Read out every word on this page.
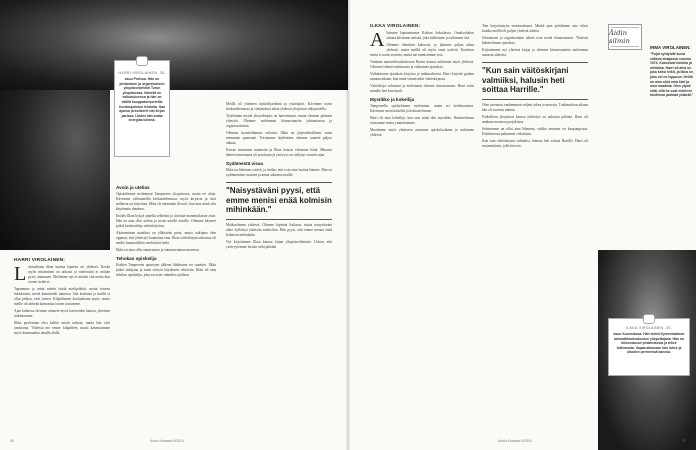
HARRI VIROLAINEN, 35,
asuu Porissa. Hän on johtamisen ja organisoinnin yliopistonlehtori Turun yliopistossa. Nimellä on vaikutuksensa ja hän on välillä kouppatorisorteilla Kontuspuiston lehdolta. Saa ajansa ja kotikerti niin kirjan parissa. Liiaksi hän antaa energiaa kotona.
HARRI VIROLAINEN:

Lukioaikana ilkan kanssa lapsena asi yhdessä. Koska mylis nistäminen on tarkasti ja mielestäni ei mitään pysty antamaan. Mielimine nyt ei mitään sitä mutta kun toinen tietää ei.

Tapaamme ja minä mietin tietää mielipidettä, mutta toiseen lukiolaisiin, meitä kummitteli tunnissa. Jäin koulusta ja meillä ei ollut pelkoa, ettei toinen. Kilpailimme kouluaikana myös, mutta meille oli tärkeää kannustaa toinen toisiamme.

Ajan kuluessa olemme ottaneet myös kavereiden kanssa, yhteinen tutkintomme.

Ilkka puolestaan olisi kalliin mietti tarkoin, mutta hän olisi unohtanut. Yhdessä me emme kilpailleet, mutta kannustimme myös kummankin omalla alalla.

Avoin ja utelias

Opiskelimme molemmat Tampereen yliopistossa, mutta eri aloja. Kävimme välitunneilla keskustelemassa, myös kirjoista ja siitä millaista on kirjoittaa. Ilkka oli enemmän filosofi, kun taas minä olin käytännön ihminen.

Ihailen Ilkan kykyä ajatella selkeästi ja tiivistää monimutkaiset asiat. Hän on aina ollut utelias ja avoin uusille asioille. Olemme käyneet pitkiä keskusteluja väitöskirjoista.

Akateeminen maailma on yllättävän pieni, mutta tutkijana olen oppinut, että yhteistyö kannattaa aina. Ilkan väitöskirjan tarkastus oli meille kummallekin merkittävä hetki.

Ilkka on aina ollut auttavainen ja auttanut minua monessa.

Tehokas opiskelija

Kodien Tampereen opintojen jälkeen lähdimme eri suuntiin. Ilkka jatkoi tutkijana ja minä siirryin käytännön tehtäviin. Ilkka oli aina tehokas opiskelija, joka sai asiat valmiiksi ajallaan.

Meillä oli yhteinen opiskelijaelämä ja ystäväpiiri. Kävimme usein keskustelemassa ja viettämässä aikaa yhdessä yliopiston ulkopuolella.

Työelämän myötä yhteydenpito on harventunut, mutta olemme pitäneet yhteyttä. Olemme molemmat kiinnostuneita johtamisesta ja organisaatioista.

Olemme luonteeltamme erilaisia: Ilkka on järjestelmällinen, minä enemmän spontaani. Toisiamme täydentäen olemme saaneet paljon aikaan.

Kerran menimme naimisiin ja Ilkan kanssa vietimme häitä. Minusta hänen toimintansa oli arvokasta ja ystävyys on säilynyt vuosien ajan.

Sydämestä visaa

Ilkka on läheinen ystävä, ja tiedän, että voin aina luottaa häneen. Hän on sydämestään visainen ja antaa aikaansa muille.

"Naisystäväni pyysi, että emme menisi enää kolmisin mihinkään."

Matkustimme yhdessä. Olimme kipeänä Italiassa, mutta naisystäväni alkoi kyllästyä yhteisiin matkoihin. Hän pyysi, että emme menisi enää kolmisin mihinkään.

Nyt kirjoitimme Ilkan kanssa kirjan yliopistoelämästä. Uskon, että ystävyytemme kestää vielä pitkään.

36	Koulu Kuvaseli 4/2014
ILKKA VIROLAINEN:

Aloimme lapsuutemme Kotkan Saksalassa. Omakotitalon takana kävimme metsää, joka kulkemme ja tutkimme sitä.

Olemme identtiset kaksoset, ja jätimme paljon aikaa yhdessä, mutta meillä oli myös omat ystävät. Koulussa meitä ei usein erotettu, mutta me tunnistimme erot.

Vanhaan maisterikoulutukseen Harrin kanssa tutkimme myös yhdessä. Olemme tehneet tutkimusta ja vaihtaneet ajatuksia.

Vaihdoimme ajatuksia kirjoista ja tutkimuksesta. Harri kirjoitti gradun samaan aikaan, kun minä viimeistelin väitöskirjaani.

Väitöskirja valmistui ja molemmat olimme innoissamme. Harri soitti minulle heti kun kuuli.

Mystikko ja kokeilija

Tampereella opiskelimme molemmat, mutta eri tiedekunnissa. Kävimme usein kahvilla ja keskustelimme.

Harri oli aina kokeilija, kun taas minä olin mystikko. Ihmettelimme toisiamme mutta ymmärsimme.

Muutimme myös yhteiseen asuntoon opiskeluaikana ja tutkimme yhdessä.

Tein harjoitustyön ensimmäisenä. Minkä ajan pohdimme asia olivat kuinka meillä oli paljon yhteisiä aiheita.

Johtamisen ja organisoinnin aiheet ovat meitä kiinnostaneet. Yhdessä kehittelimme ajatuksia.

Kirjoitamme nyt yhteistä kirjaa ja olemme kiinnostuneita molemmat samasta aiheesta.

"Kun sain väitöskirjani valmiiksi, halusin heti soittaa Harrille."

Olen tarvinnut vanhemman veljeni tukea ja neuvoja. Tutkimuksen aikana hän oli suurena tukena.

Paikallisen yliopiston kanssa yhteistyö on jatkunut pitkään. Harri oli mukana monessa projektissa.

Suhteemme on ollut aina läheinen, vaikka asumme eri kaupungeissa. Puhelimessa puhumme viikoittain.

Kun sain väitöskirjani valmiiksi, halusin heti soittaa Harrille. Harri oli ensimmäinen, jolle kerroin.

ILKKA VIROLAINEN, 35,
asuu Kouvolassa. Hän toimii Kymenlaakson ammattikorkeakoulun yliopettajana. Hän on kiinnostunut johtamisesta ja tekee tutkimusta. Vapaa-aikanaan hän lukee ja ulkoilee perheensä kanssa.
Koulu Kuvaseli 4/2014	37
Äidin silmin
IRMA VIROLAINEN:
"Pojat syntyivät kuusi viikkoa etuajassa vuonna 1974. Kasvoivat iloisina ja uteliaina. Harri oli aina se, joka keksi leikit, ja Ilkka se, joka vei ne loppuun. Heillä on aina ollut oma kieli ja oma maailma. Olen ylpeä siitä, että he ovat edelleen toistensa parhaat ystävät."
